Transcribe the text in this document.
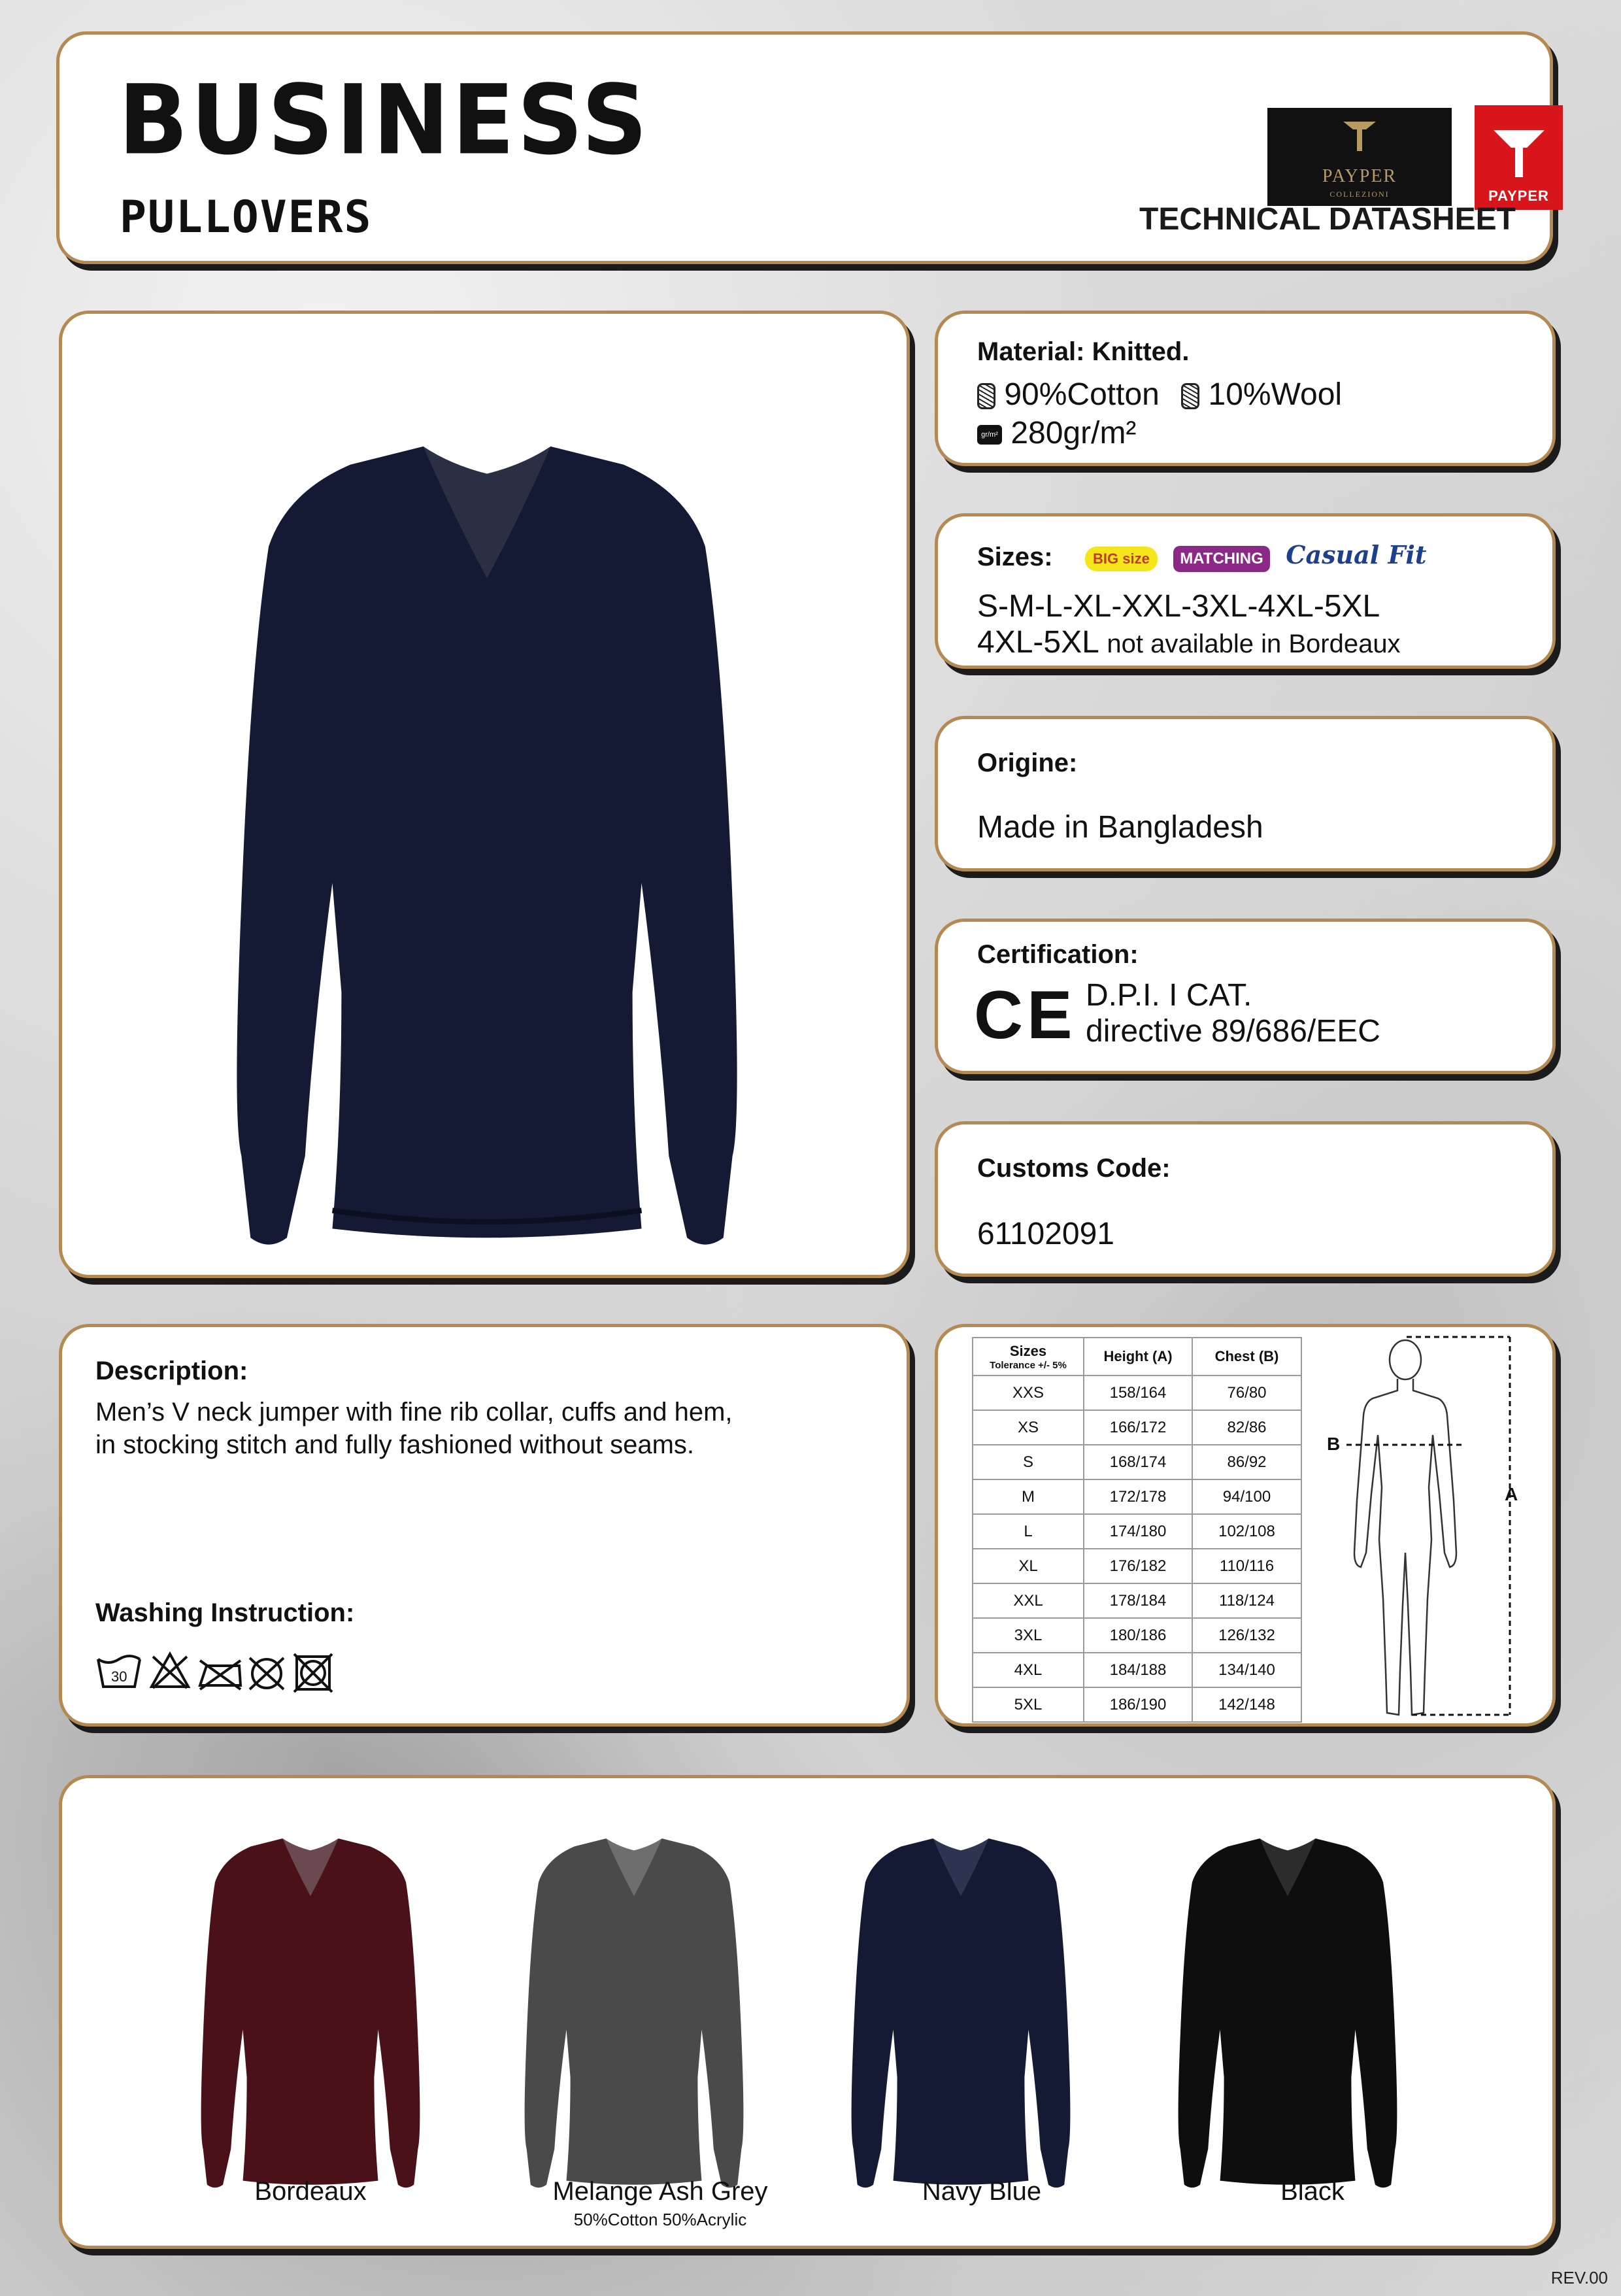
BUSINESS
PULLOVERS
PAYPER
COLLEZIONI	PAYPER
TECHNICAL DATASHEET
Material: Knitted.
90%Cotton 10%Wool
gr/m² 280gr/m²
Sizes:	BIG size MATCHING Casual Fit
S-M-L-XL-XXL-3XL-4XL-5XL
4XL-5XL not available in Bordeaux
Origine:
Made in Bangladesh
Certification:
CE D.P.I. I CAT.
directive 89/686/EEC
Customs Code:
61102091
Description:
Men’s V neck jumper with fine rib collar, cuffs and hem,
in stocking stitch and fully fashioned without seams.
Washing Instruction:
30
Sizes
Tolerance +/- 5%	Height (A)	Chest (B)
XXS	158/164	76/80
XS	166/172	82/86
S	168/174	86/92
M	172/178	94/100
L	174/180	102/108
XL	176/182	110/116
XXL	178/184	118/124
3XL	180/186	126/132
4XL	184/188	134/140
5XL	186/190	142/148
A
B
Bordeaux	Melange Ash Grey
50%Cotton 50%Acrylic
Navy Blue	Black
REV.00
